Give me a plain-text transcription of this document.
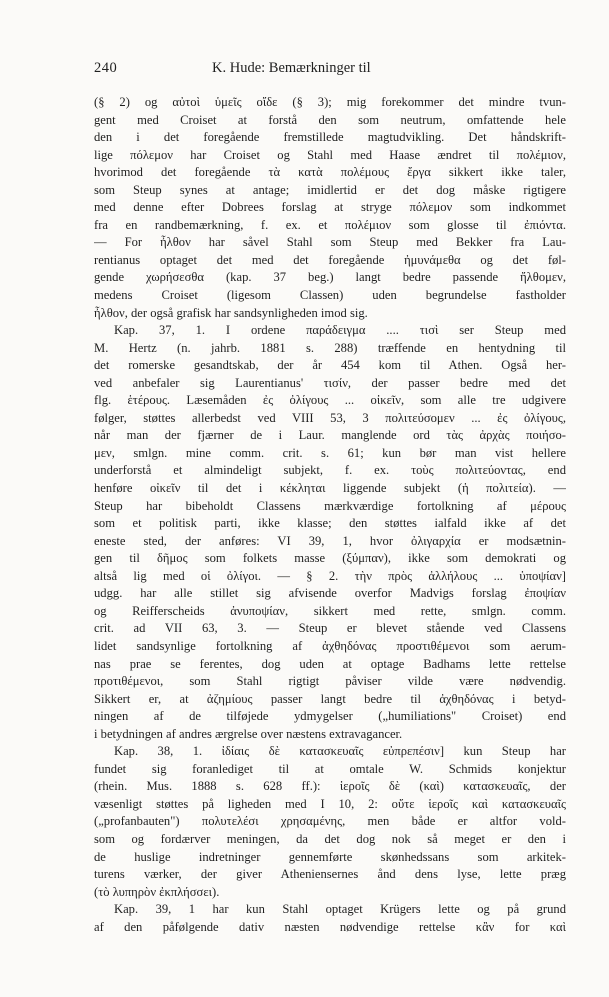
240	K. Hude: Bemærkninger til
(§ 2) og αὐτοὶ ὑμεῖς οἴδε (§ 3); mig forekommer det mindre tvun-
gent med Croiset at forstå den som neutrum, omfattende hele
den i det foregående fremstillede magtudvikling. Det håndskrift-
lige πόλεμον har Croiset og Stahl med Haase ændret til πολέμιον,
hvorimod det foregående τὰ κατὰ πολέμους ἔργα sikkert ikke taler,
som Steup synes at antage; imidlertid er det dog måske rigtigere
med denne efter Dobrees forslag at stryge πόλεμον som indkommet
fra en randbemærkning, f. ex. et πολέμιον som glosse til ἐπιόντα.
— For ἦλθον har såvel Stahl som Steup med Bekker fra Lau-
rentianus optaget det med det foregående ἠμυνάμεθα og det føl-
gende χωρήσεσθα (kap. 37 beg.) langt bedre passende ἤλθομεν,
medens Croiset (ligesom Classen) uden begrundelse fastholder
ἦλθον, der også grafisk har sandsynligheden imod sig.
Kap. 37, 1. I ordene παράδειγμα .... τισὶ ser Steup med
M. Hertz (n. jahrb. 1881 s. 288) træffende en hentydning til
det romerske gesandtskab, der år 454 kom til Athen. Også her-
ved anbefaler sig Laurentianus' τισίν, der passer bedre med det
flg. ἑτέρους. Læsemåden ἐς ὀλίγους ... οἰκεῖν, som alle tre udgivere
følger, støttes allerbedst ved VIII 53, 3 πολιτεύσομεν ... ἐς ὀλίγους,
når man der fjærner de i Laur. manglende ord τὰς ἀρχὰς ποιήσο-
μεν, smlgn. mine comm. crit. s. 61; kun bør man vist hellere
underforstå et almindeligt subjekt, f. ex. τοὺς πολιτεύοντας, end
henføre οἰκεῖν til det i κέκληται liggende subjekt (ἡ πολιτεία). —
Steup har bibeholdt Classens mærkværdige fortolkning af μέρους
som et politisk parti, ikke klasse; den støttes ialfald ikke af det
eneste sted, der anføres: VI 39, 1, hvor ὀλιγαρχία er modsætnin-
gen til δῆμος som folkets masse (ξύμπαν), ikke som demokrati og
altså lig med οἱ ὀλίγοι. — § 2. τὴν πρὸς ἀλλήλους ... ὑποψίαν]
udgg. har alle stillet sig afvisende overfor Madvigs forslag ἐποψίαν
og Reifferscheids ἀνυποψίαν, sikkert med rette, smlgn. comm.
crit. ad VII 63, 3. — Steup er blevet stående ved Classens
lidet sandsynlige fortolkning af ἀχθηδόνας προστιθέμενοι som aerum-
nas prae se ferentes, dog uden at optage Badhams lette rettelse
προτιθέμενοι, som Stahl rigtigt påviser vilde være nødvendig.
Sikkert er, at ἀζημίους passer langt bedre til ἀχθηδόνας i betyd-
ningen af de tilføjede ydmygelser („humiliations" Croiset) end
i betydningen af andres ærgrelse over næstens extravagancer.
Kap. 38, 1. ἰδίαις δὲ κατασκευαῖς εὐπρεπέσιν] kun Steup har
fundet sig foranlediget til at omtale W. Schmids konjektur
(rhein. Mus. 1888 s. 628 ff.): ἱεροῖς δὲ (καὶ) κατασκευαῖς, der
væsenligt støttes på ligheden med I 10, 2: οὔτε ἱεροῖς καὶ κατασκευαῖς
(„profanbauten") πολυτελέσι χρησαμένης, men både er altfor vold-
som og fordærver meningen, da det dog nok så meget er den i
de huslige indretninger gennemførte skønhedssans som arkitek-
turens værker, der giver Atheniensernes ånd dens lyse, lette præg
(τὸ λυπηρὸν ἐκπλήσσει).
Kap. 39, 1 har kun Stahl optaget Krügers lette og på grund
af den påfølgende dativ næsten nødvendige rettelse κἂν for καὶ
